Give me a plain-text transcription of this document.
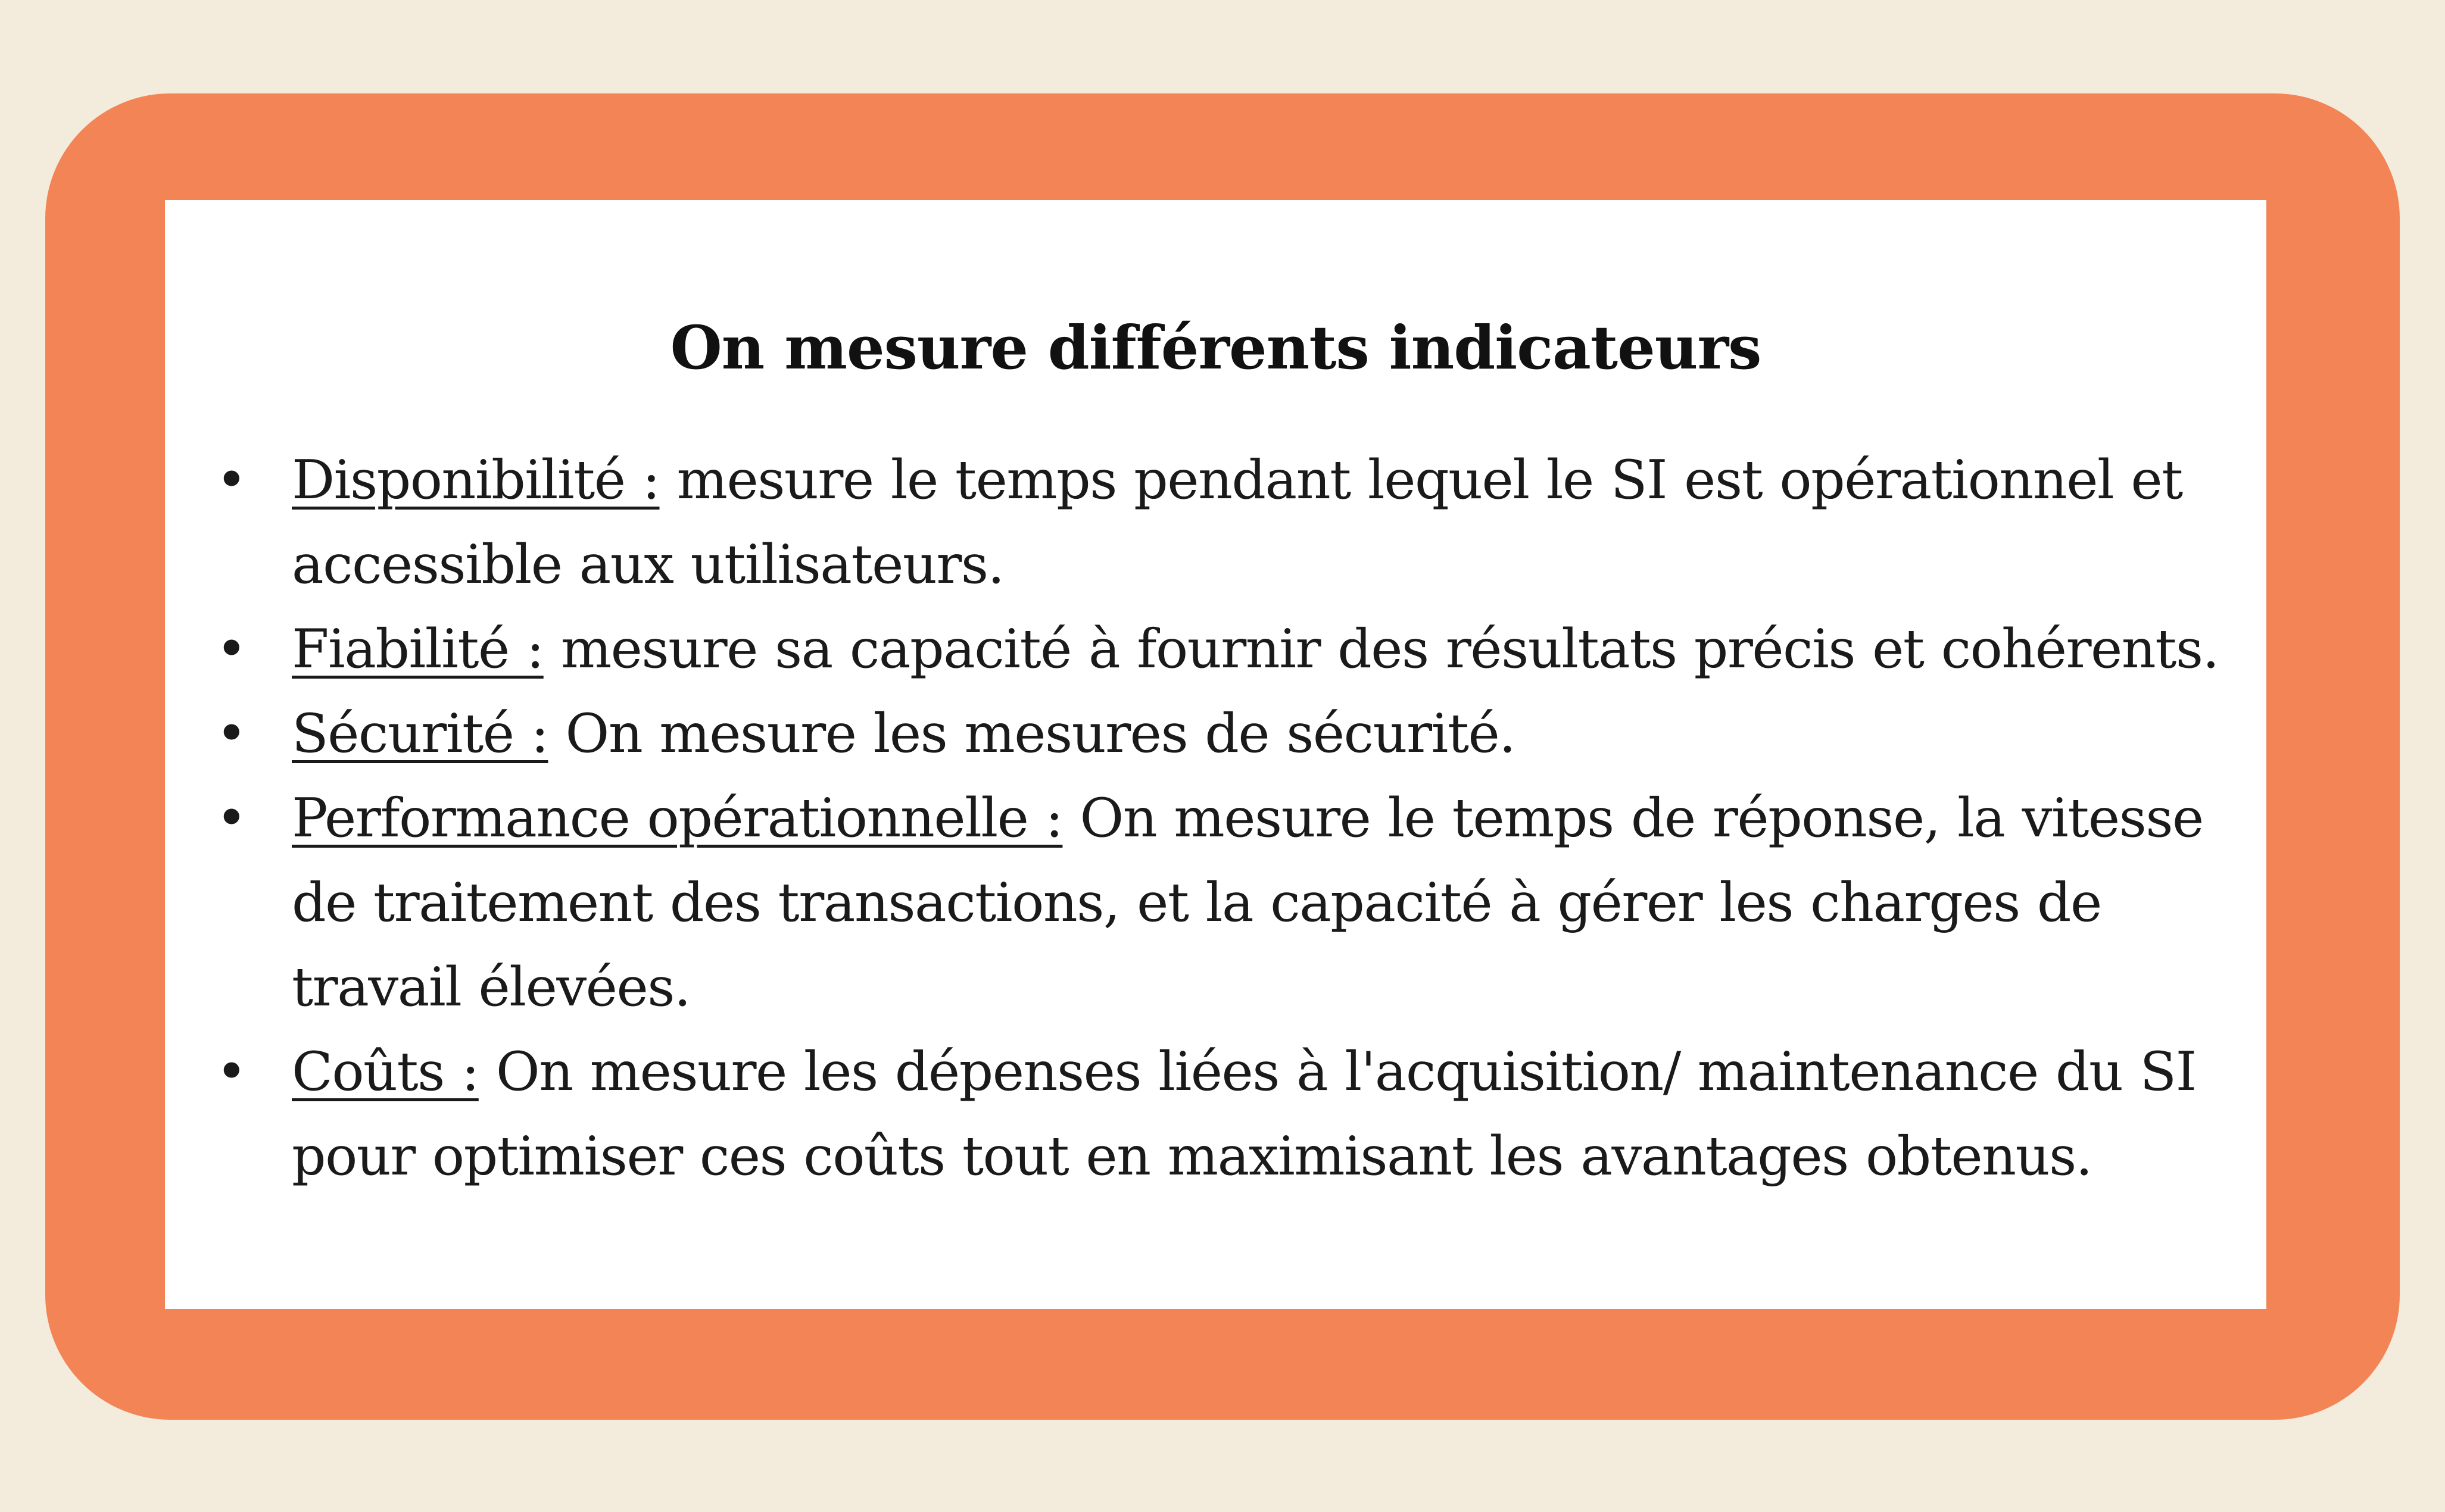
On mesure différents indicateurs
• Disponibilité : mesure le temps pendant lequel le SI est opérationnel et accessible aux utilisateurs.
• Fiabilité : mesure sa capacité à fournir des résultats précis et cohérents.
• Sécurité : On mesure les mesures de sécurité.
• Performance opérationnelle : On mesure le temps de réponse, la vitesse de traitement des transactions, et la capacité à gérer les charges de travail élevées.
• Coûts : On mesure les dépenses liées à l'acquisition/ maintenance du SI pour optimiser ces coûts tout en maximisant les avantages obtenus.
